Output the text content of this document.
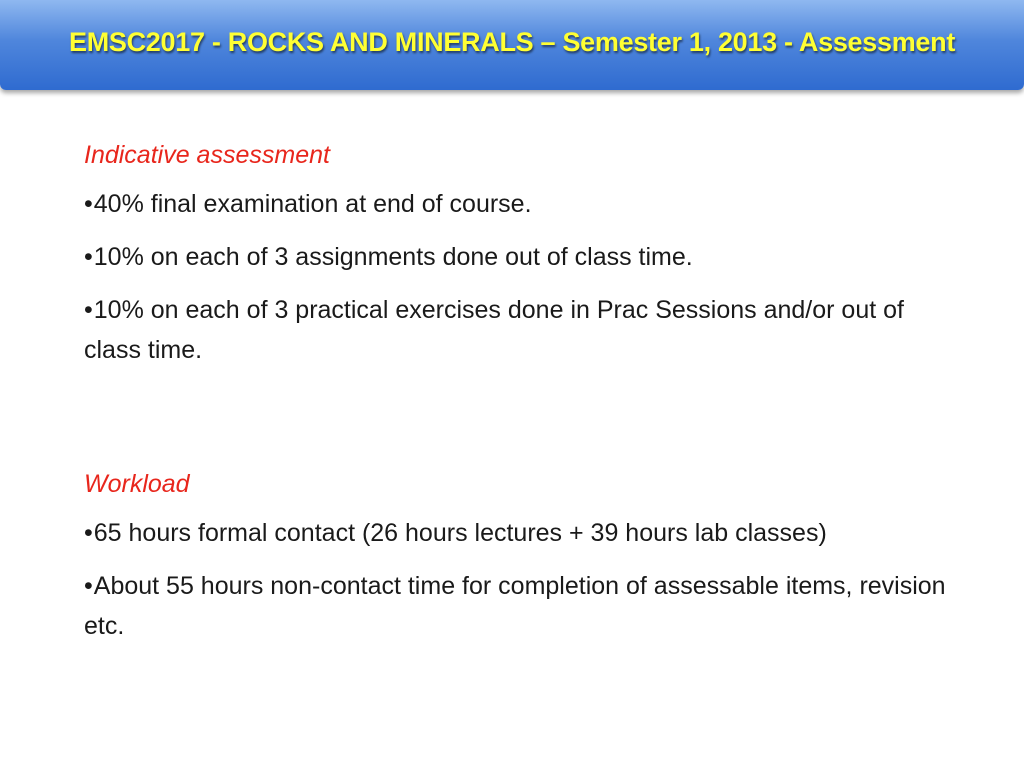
EMSC2017 - ROCKS AND MINERALS – Semester 1, 2013 - Assessment
Indicative assessment
•40% final examination at end of course.
•10% on each of 3 assignments done out of class time.
•10% on each of 3 practical exercises done in Prac Sessions and/or out of class time.
Workload
•65 hours formal contact (26 hours lectures + 39 hours lab classes)
•About 55 hours non-contact time for completion of assessable items, revision etc.
